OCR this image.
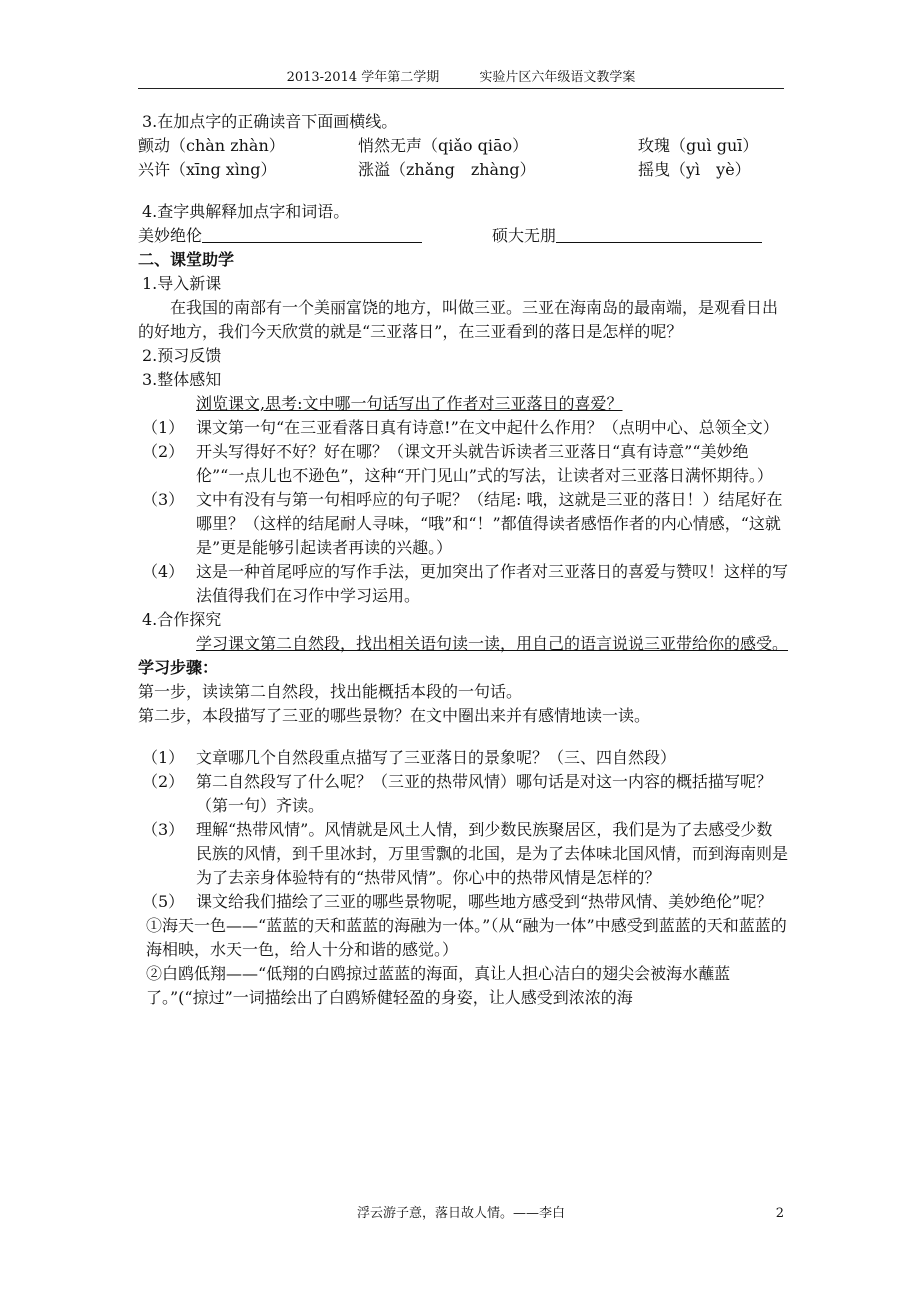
2013-2014 学年第二学期	实验片区六年级语文教学案
3.在加点字的正确读音下面画横线。
颤动（chàn zhàn）	悄然无声（qiǎo qiāo）	玫瑰（guì guī）
兴许（xīng xìng）	涨溢（zhǎng　zhàng）	摇曳（yì　yè）
4.查字典解释加点字和词语。
美妙绝伦	硕大无朋
二、课堂助学
1.导入新课
在我国的南部有一个美丽富饶的地方，叫做三亚。三亚在海南岛的最南端，是观看日出的好地方，我们今天欣赏的就是“三亚落日”，在三亚看到的落日是怎样的呢？
2.预习反馈
3.整体感知
浏览课文,思考:文中哪一句话写出了作者对三亚落日的喜爱？
（1） 课文第一句“在三亚看落日真有诗意!”在文中起什么作用？（点明中心、总领全文）
（2） 开头写得好不好？好在哪？（课文开头就告诉读者三亚落日“真有诗意”“美妙绝伦”“一点儿也不逊色”，这种“开门见山”式的写法，让读者对三亚落日满怀期待。）
（3） 文中有没有与第一句相呼应的句子呢？（结尾: 哦，这就是三亚的落日！）结尾好在哪里？（这样的结尾耐人寻味，“哦”和“！”都值得读者感悟作者的内心情感，“这就是”更是能够引起读者再读的兴趣。）
（4） 这是一种首尾呼应的写作手法，更加突出了作者对三亚落日的喜爱与赞叹！这样的写法值得我们在习作中学习运用。
4.合作探究
学习课文第二自然段，找出相关语句读一读，用自己的语言说说三亚带给你的感受。
学习步骤：
第一步，读读第二自然段，找出能概括本段的一句话。
第二步，本段描写了三亚的哪些景物？在文中圈出来并有感情地读一读。
（1） 文章哪几个自然段重点描写了三亚落日的景象呢？（三、四自然段）
（2） 第二自然段写了什么呢？（三亚的热带风情）哪句话是对这一内容的概括描写呢？（第一句）齐读。
（3） 理解“热带风情”。风情就是风土人情，到少数民族聚居区，我们是为了去感受少数民族的风情，到千里冰封，万里雪飘的北国，是为了去体味北国风情，而到海南则是为了去亲身体验特有的“热带风情”。你心中的热带风情是怎样的？
（5） 课文给我们描绘了三亚的哪些景物呢，哪些地方感受到“热带风情、美妙绝伦”呢？
①海天一色——“蓝蓝的天和蓝蓝的海融为一体。”（从“融为一体”中感受到蓝蓝的天和蓝蓝的海相映，水天一色，给人十分和谐的感觉。）
②白鸥低翔——“低翔的白鸥掠过蓝蓝的海面，真让人担心洁白的翅尖会被海水蘸蓝了。”(“掠过”一词描绘出了白鸥矫健轻盈的身姿，让人感受到浓浓的海
浮云游子意，落日故人情。——李白	2
